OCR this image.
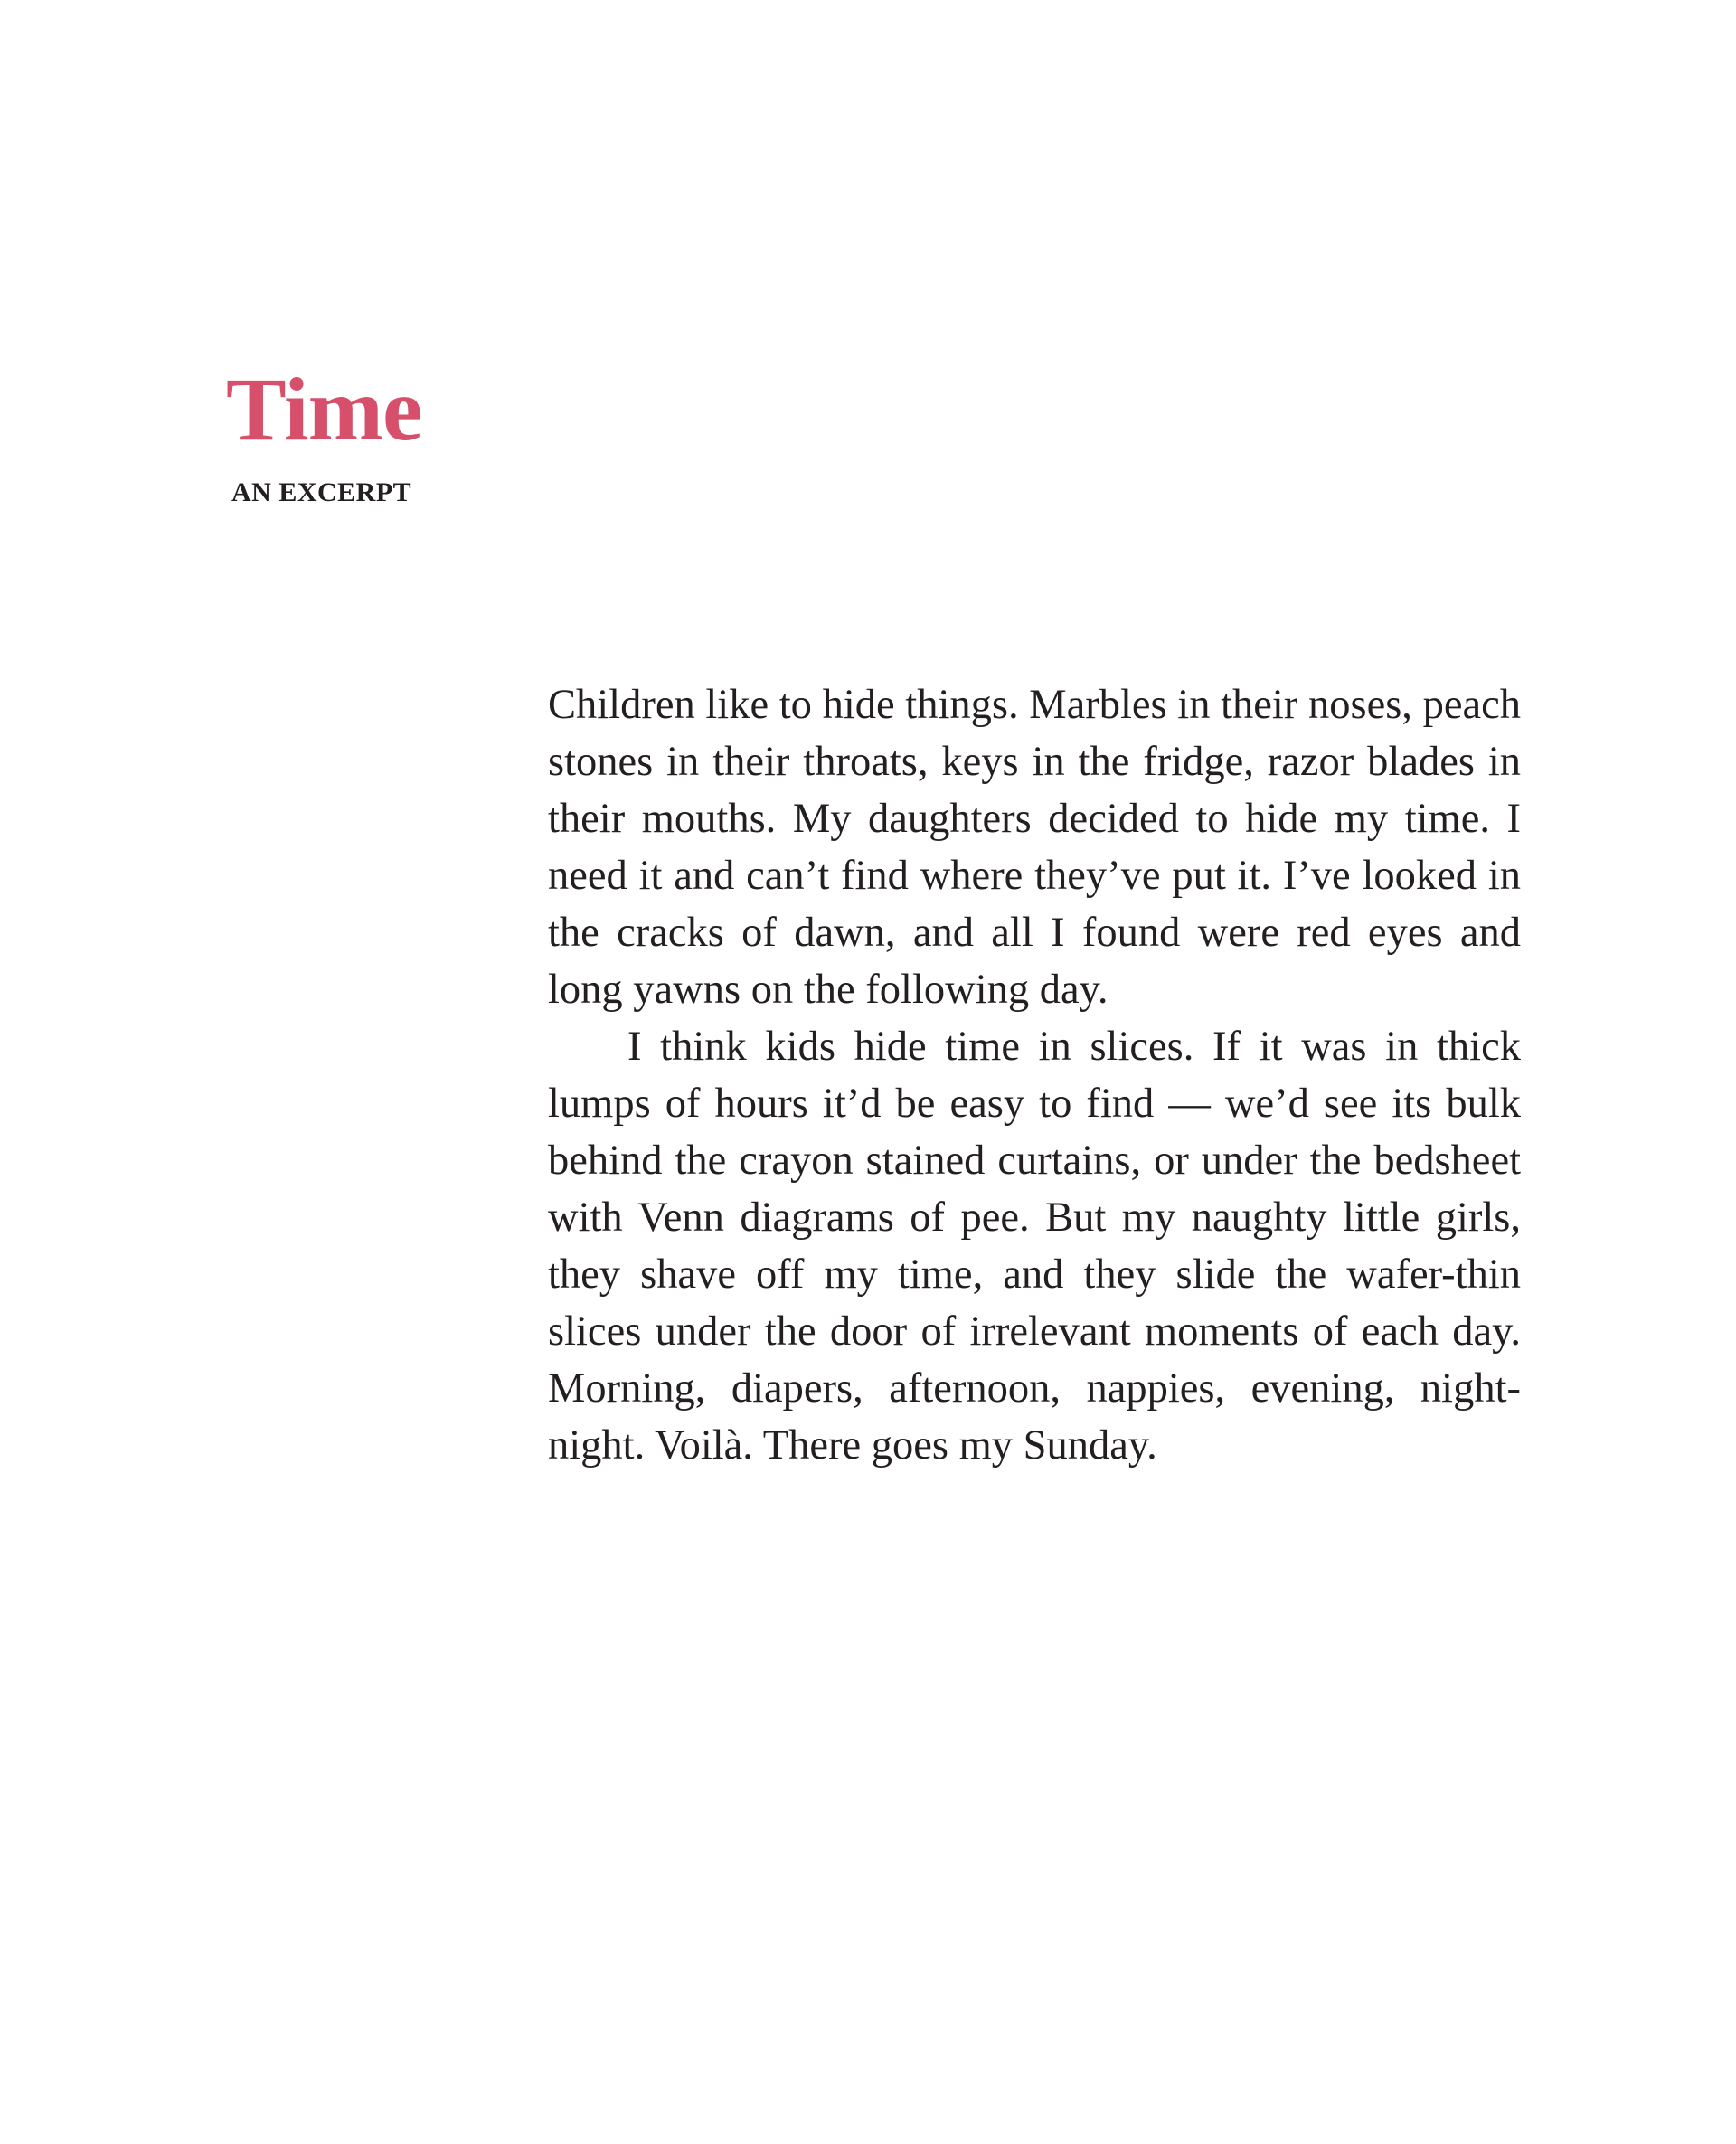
Time
AN EXCERPT

Children like to hide things. Marbles in their noses, peach stones in their throats, keys in the fridge, razor blades in their mouths. My daughters decided to hide my time. I need it and can’t find where they’ve put it. I’ve looked in the cracks of dawn, and all I found were red eyes and long yawns on the following day.

I think kids hide time in slices. If it was in thick lumps of hours it’d be easy to find — we’d see its bulk behind the crayon stained curtains, or under the bedsheet with Venn diagrams of pee. But my naughty little girls, they shave off my time, and they slide the wafer-thin slices under the door of irrelevant moments of each day. Morning, diapers, afternoon, nappies, evening, night-night. Voilà. There goes my Sunday.
